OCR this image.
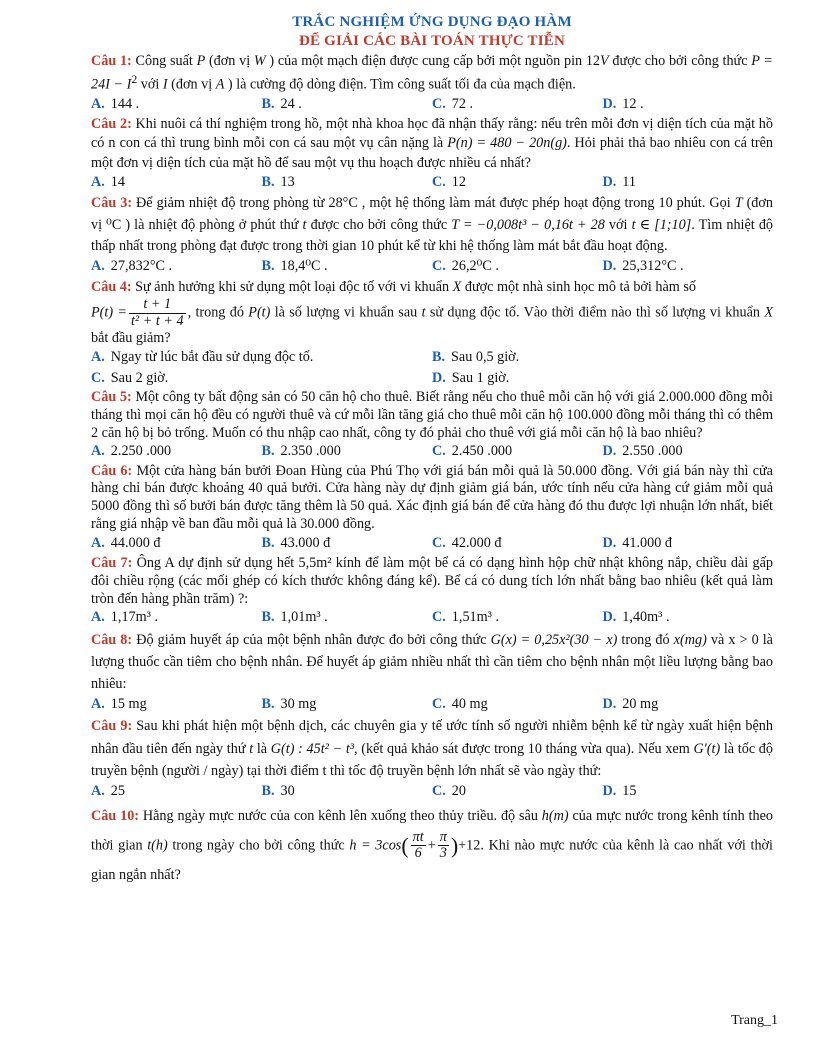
TRẮC NGHIỆM ỨNG DỤNG ĐẠO HÀM
ĐỂ GIẢI CÁC BÀI TOÁN THỰC TIỄN

Câu 1: Công suất P (đơn vị W ) của một mạch điện được cung cấp bởi một nguồn pin 12V được cho bởi công thức $P = 24I - I^2$ với I (đơn vị A ) là cường độ dòng điện. Tìm công suất tối đa của mạch điện.

A. 144 .	B. 24 .	C. 72 .	D. 12 .

Câu 2: Khi nuôi cá thí nghiệm trong hồ, một nhà khoa học đã nhận thấy rằng: nếu trên mỗi đơn vị diện tích của mặt hồ có n con cá thì trung bình mỗi con cá sau một vụ cân nặng là P(n) = 480 − 20n(g). Hỏi phải thả bao nhiêu con cá trên một đơn vị diện tích của mặt hồ để sau một vụ thu hoạch được nhiều cá nhất?

A. 14	B. 13	C. 12	D. 11

Câu 3: Để giảm nhiệt độ trong phòng từ 28°C , một hệ thống làm mát được phép hoạt động trong 10 phút. Gọi T (đơn vị ⁰C ) là nhiệt độ phòng ở phút thứ t được cho bởi công thức T = −0,008t³ − 0,16t + 28 với t ∈ [1;10]. Tìm nhiệt độ thấp nhất trong phòng đạt được trong thời gian 10 phút kể từ khi hệ thống làm mát bắt đầu hoạt động.

A. 27,832°C .	B. 18,4⁰C .	C. 26,2⁰C .	D. 25,312°C .

Câu 4: Sự ảnh hưởng khi sử dụng một loại độc tố với vi khuẩn X được một nhà sinh học mô tả bởi hàm số

$P(t) = \frac{t + 1}{\text{t² + t + 4}}$ , trong đó P(t) là số lượng vi khuẩn sau t sử dụng độc tố. Vào thời điểm nào thì số lượng vi khuẩn X bắt đầu giảm?

A. Ngay từ lúc bắt đầu sử dụng độc tố.	B. Sau 0,5 giờ.
C. Sau 2 giờ.	D. Sau 1 giờ.

Câu 5: Một công ty bất động sản có 50 căn hộ cho thuê. Biết rằng nếu cho thuê mỗi căn hộ với giá 2.000.000 đồng mỗi tháng thì mọi căn hộ đều có người thuê và cứ mỗi lần tăng giá cho thuê mỗi căn hộ 100.000 đồng mỗi tháng thì có thêm 2 căn hộ bị bỏ trống. Muốn có thu nhập cao nhất, công ty đó phải cho thuê với giá mỗi căn hộ là bao nhiêu?

A. 2.250 .000	B. 2.350 .000	C. 2.450 .000	D. 2.550 .000

Câu 6: Một cửa hàng bán bưởi Đoan Hùng của Phú Thọ với giá bán mỗi quả là 50.000 đồng. Với giá bán này thì cửa hàng chỉ bán được khoảng 40 quả bưởi. Cửa hàng này dự định giảm giá bán, ước tính nếu cửa hàng cứ giảm mỗi quả 5000 đồng thì số bưởi bán được tăng thêm là 50 quả. Xác định giá bán để cửa hàng đó thu được lợi nhuận lớn nhất, biết rằng giá nhập về ban đầu mỗi quả là 30.000 đồng.

A. 44.000 đ	B. 43.000 đ	C. 42.000 đ	D. 41.000 đ

Câu 7: Ông A dự định sử dụng hết 5,5m² kính để làm một bể cá có dạng hình hộp chữ nhật không nắp, chiều dài gấp đôi chiều rộng (các mối ghép có kích thước không đáng kể). Bể cá có dung tích lớn nhất bằng bao nhiêu (kết quả làm tròn đến hàng phần trăm) ?:

A. 1,17m³ .	B. 1,01m³ .	C. 1,51m³ .	D. 1,40m³ .

Câu 8: Độ giảm huyết áp của một bệnh nhân được đo bởi công thức G(x) = 0,25x²(30 − x) trong đó x(mg) và x > 0 là lượng thuốc cần tiêm cho bệnh nhân. Để huyết áp giảm nhiều nhất thì cần tiêm cho bệnh nhân một liều lượng bằng bao nhiêu:

A. 15 mg	B. 30 mg	C. 40 mg	D. 20 mg

Câu 9: Sau khi phát hiện một bệnh dịch, các chuyên gia y tế ước tính số người nhiễm bệnh kể từ ngày xuất hiện bệnh nhân đầu tiên đến ngày thứ t là G(t) : 45t² − t³, (kết quả khảo sát được trong 10 tháng vừa qua). Nếu xem G′(t) là tốc độ truyền bệnh (người / ngày) tại thời điểm t thì tốc độ truyền bệnh lớn nhất sẽ vào ngày thứ:

A. 25	B. 30	C. 20	D. 15

Câu 10: Hằng ngày mực nước của con kênh lên xuống theo thủy triều. độ sâu h(m) của mực nước trong kênh tính theo thời gian t(h) trong ngày cho bởi công thức $h = 3\cos( \frac{\pi t}{6} + \frac{\pi}{3} )+12$. Khi nào mực nước của kênh là cao nhất với thời gian ngắn nhất?

Trang_1
